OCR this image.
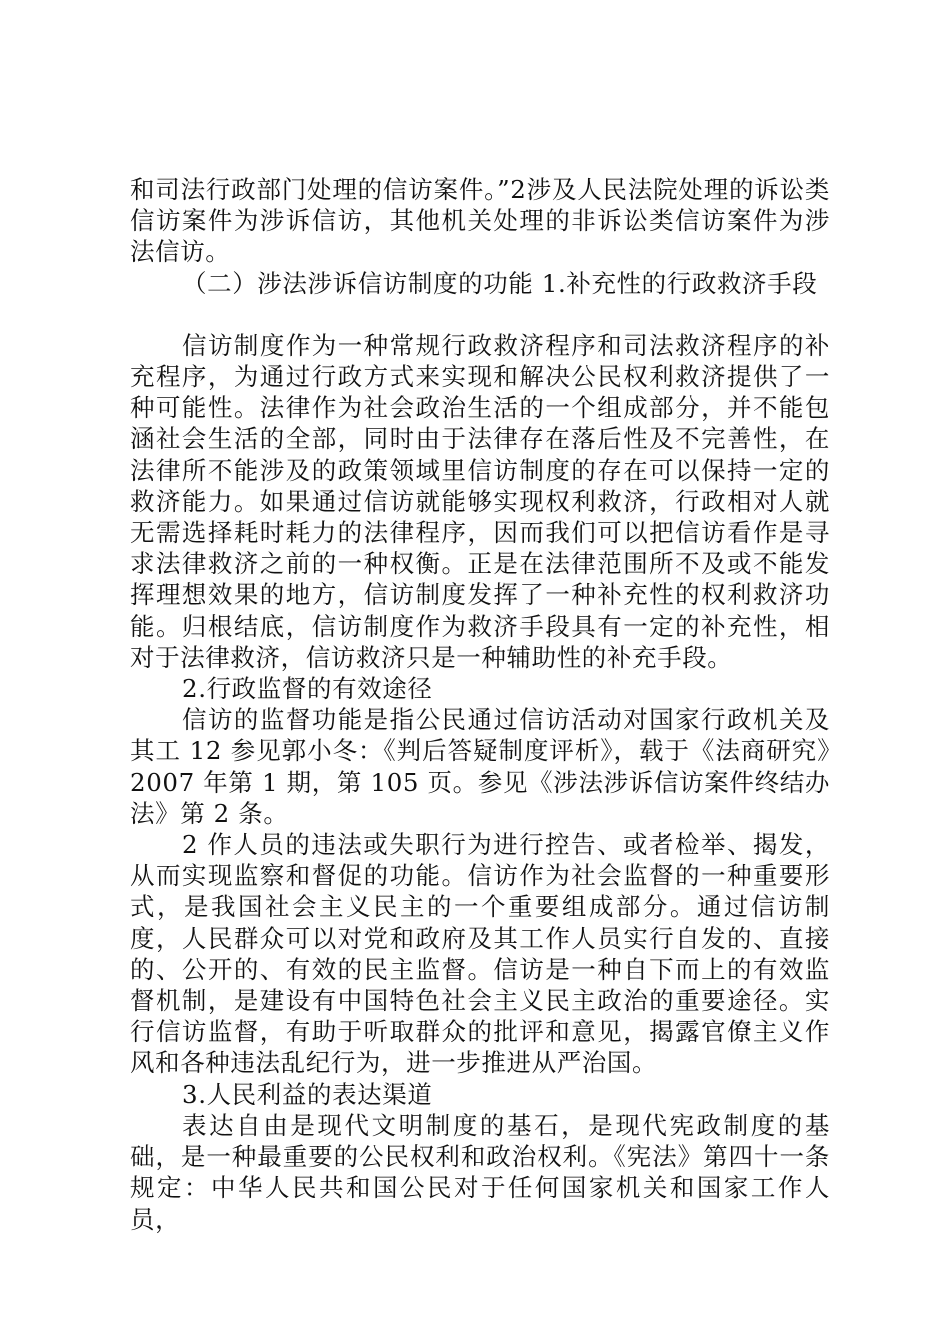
和司法行政部门处理的信访案件。”2涉及人民法院处理的诉讼类信访案件为涉诉信访，其他机关处理的非诉讼类信访案件为涉法信访。

（二）涉法涉诉信访制度的功能 1.补充性的行政救济手段

信访制度作为一种常规行政救济程序和司法救济程序的补充程序，为通过行政方式来实现和解决公民权利救济提供了一种可能性。法律作为社会政治生活的一个组成部分，并不能包涵社会生活的全部，同时由于法律存在落后性及不完善性，在法律所不能涉及的政策领域里信访制度的存在可以保持一定的救济能力。如果通过信访就能够实现权利救济，行政相对人就无需选择耗时耗力的法律程序，因而我们可以把信访看作是寻求法律救济之前的一种权衡。正是在法律范围所不及或不能发挥理想效果的地方，信访制度发挥了一种补充性的权利救济功能。归根结底，信访制度作为救济手段具有一定的补充性，相对于法律救济，信访救济只是一种辅助性的补充手段。

2.行政监督的有效途径

信访的监督功能是指公民通过信访活动对国家行政机关及其工 12 参见郭小冬：《判后答疑制度评析》，载于《法商研究》2007 年第 1 期，第 105 页。参见《涉法涉诉信访案件终结办法》第 2 条。

2 作人员的违法或失职行为进行控告、或者检举、揭发，从而实现监察和督促的功能。信访作为社会监督的一种重要形式，是我国社会主义民主的一个重要组成部分。通过信访制度，人民群众可以对党和政府及其工作人员实行自发的、直接的、公开的、有效的民主监督。信访是一种自下而上的有效监督机制，是建设有中国特色社会主义民主政治的重要途径。实行信访监督，有助于听取群众的批评和意见，揭露官僚主义作风和各种违法乱纪行为，进一步推进从严治国。

3.人民利益的表达渠道

表达自由是现代文明制度的基石，是现代宪政制度的基础，是一种最重要的公民权利和政治权利。《宪法》第四十一条规定：中华人民共和国公民对于任何国家机关和国家工作人员，
